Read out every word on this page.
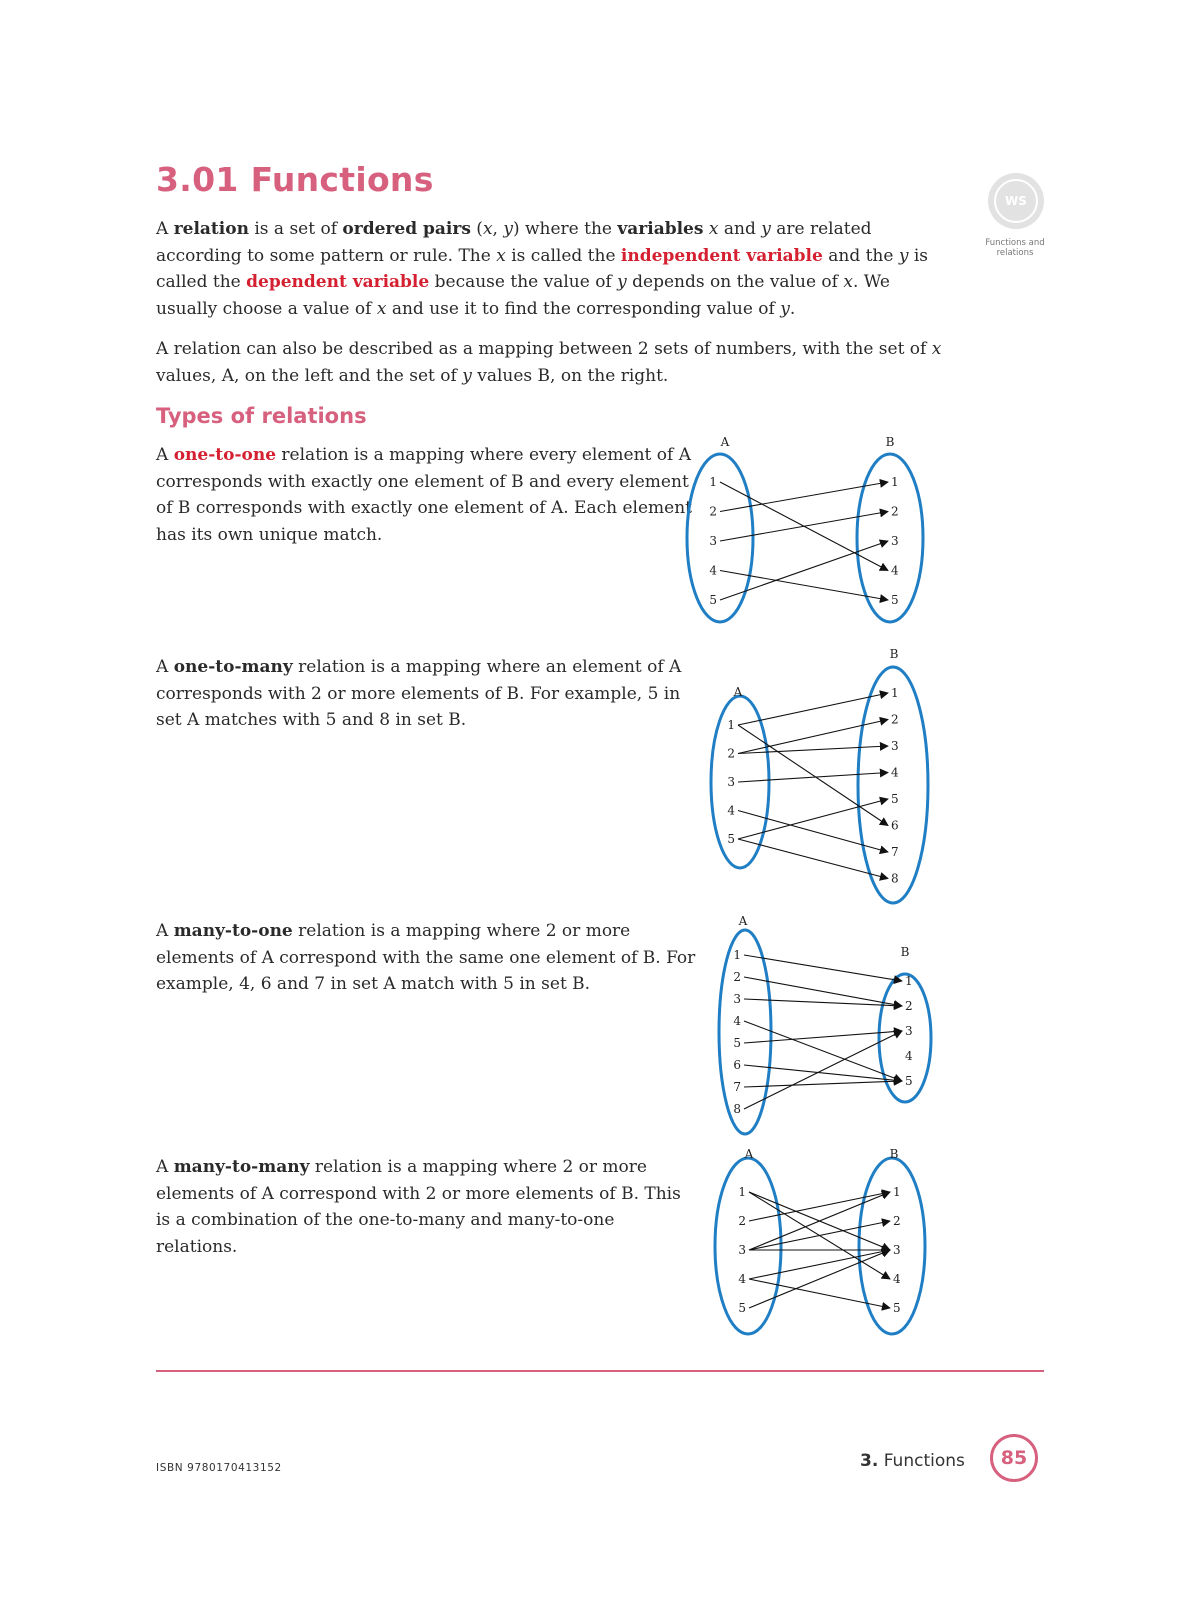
3.01 Functions
WS
Functions and
relations

A relation is a set of ordered pairs (x, y) where the variables x and y are related according to some pattern or rule. The x is called the independent variable and the y is called the dependent variable because the value of y depends on the value of x. We usually choose a value of x and use it to find the corresponding value of y.

A relation can also be described as a mapping between 2 sets of numbers, with the set of x values, A, on the left and the set of y values B, on the right.

Types of relations

A one-to-one relation is a mapping where every element of A corresponds with exactly one element of B and every element of B corresponds with exactly one element of A. Each element has its own unique match.

A one-to-many relation is a mapping where an element of A corresponds with 2 or more elements of B. For example, 5 in set A matches with 5 and 8 in set B.

A many-to-one relation is a mapping where 2 or more elements of A correspond with the same one element of B. For example, 4, 6 and 7 in set A match with 5 in set B.

A many-to-many relation is a mapping where 2 or more elements of A correspond with 2 or more elements of B. This is a combination of the one-to-many and many-to-one relations.

A	B
1
2
3
4
5
1
2
3
4
5
A
B
1
2
3
4
5
1
2
3
4
5
6
7
8
A
B
1
2
3
4
5
6
7
8
1
2
3
4
5
A	B
1
2
3
4
5
1
2
3
4
5
ISBN 9780170413152	3. Functions	85
